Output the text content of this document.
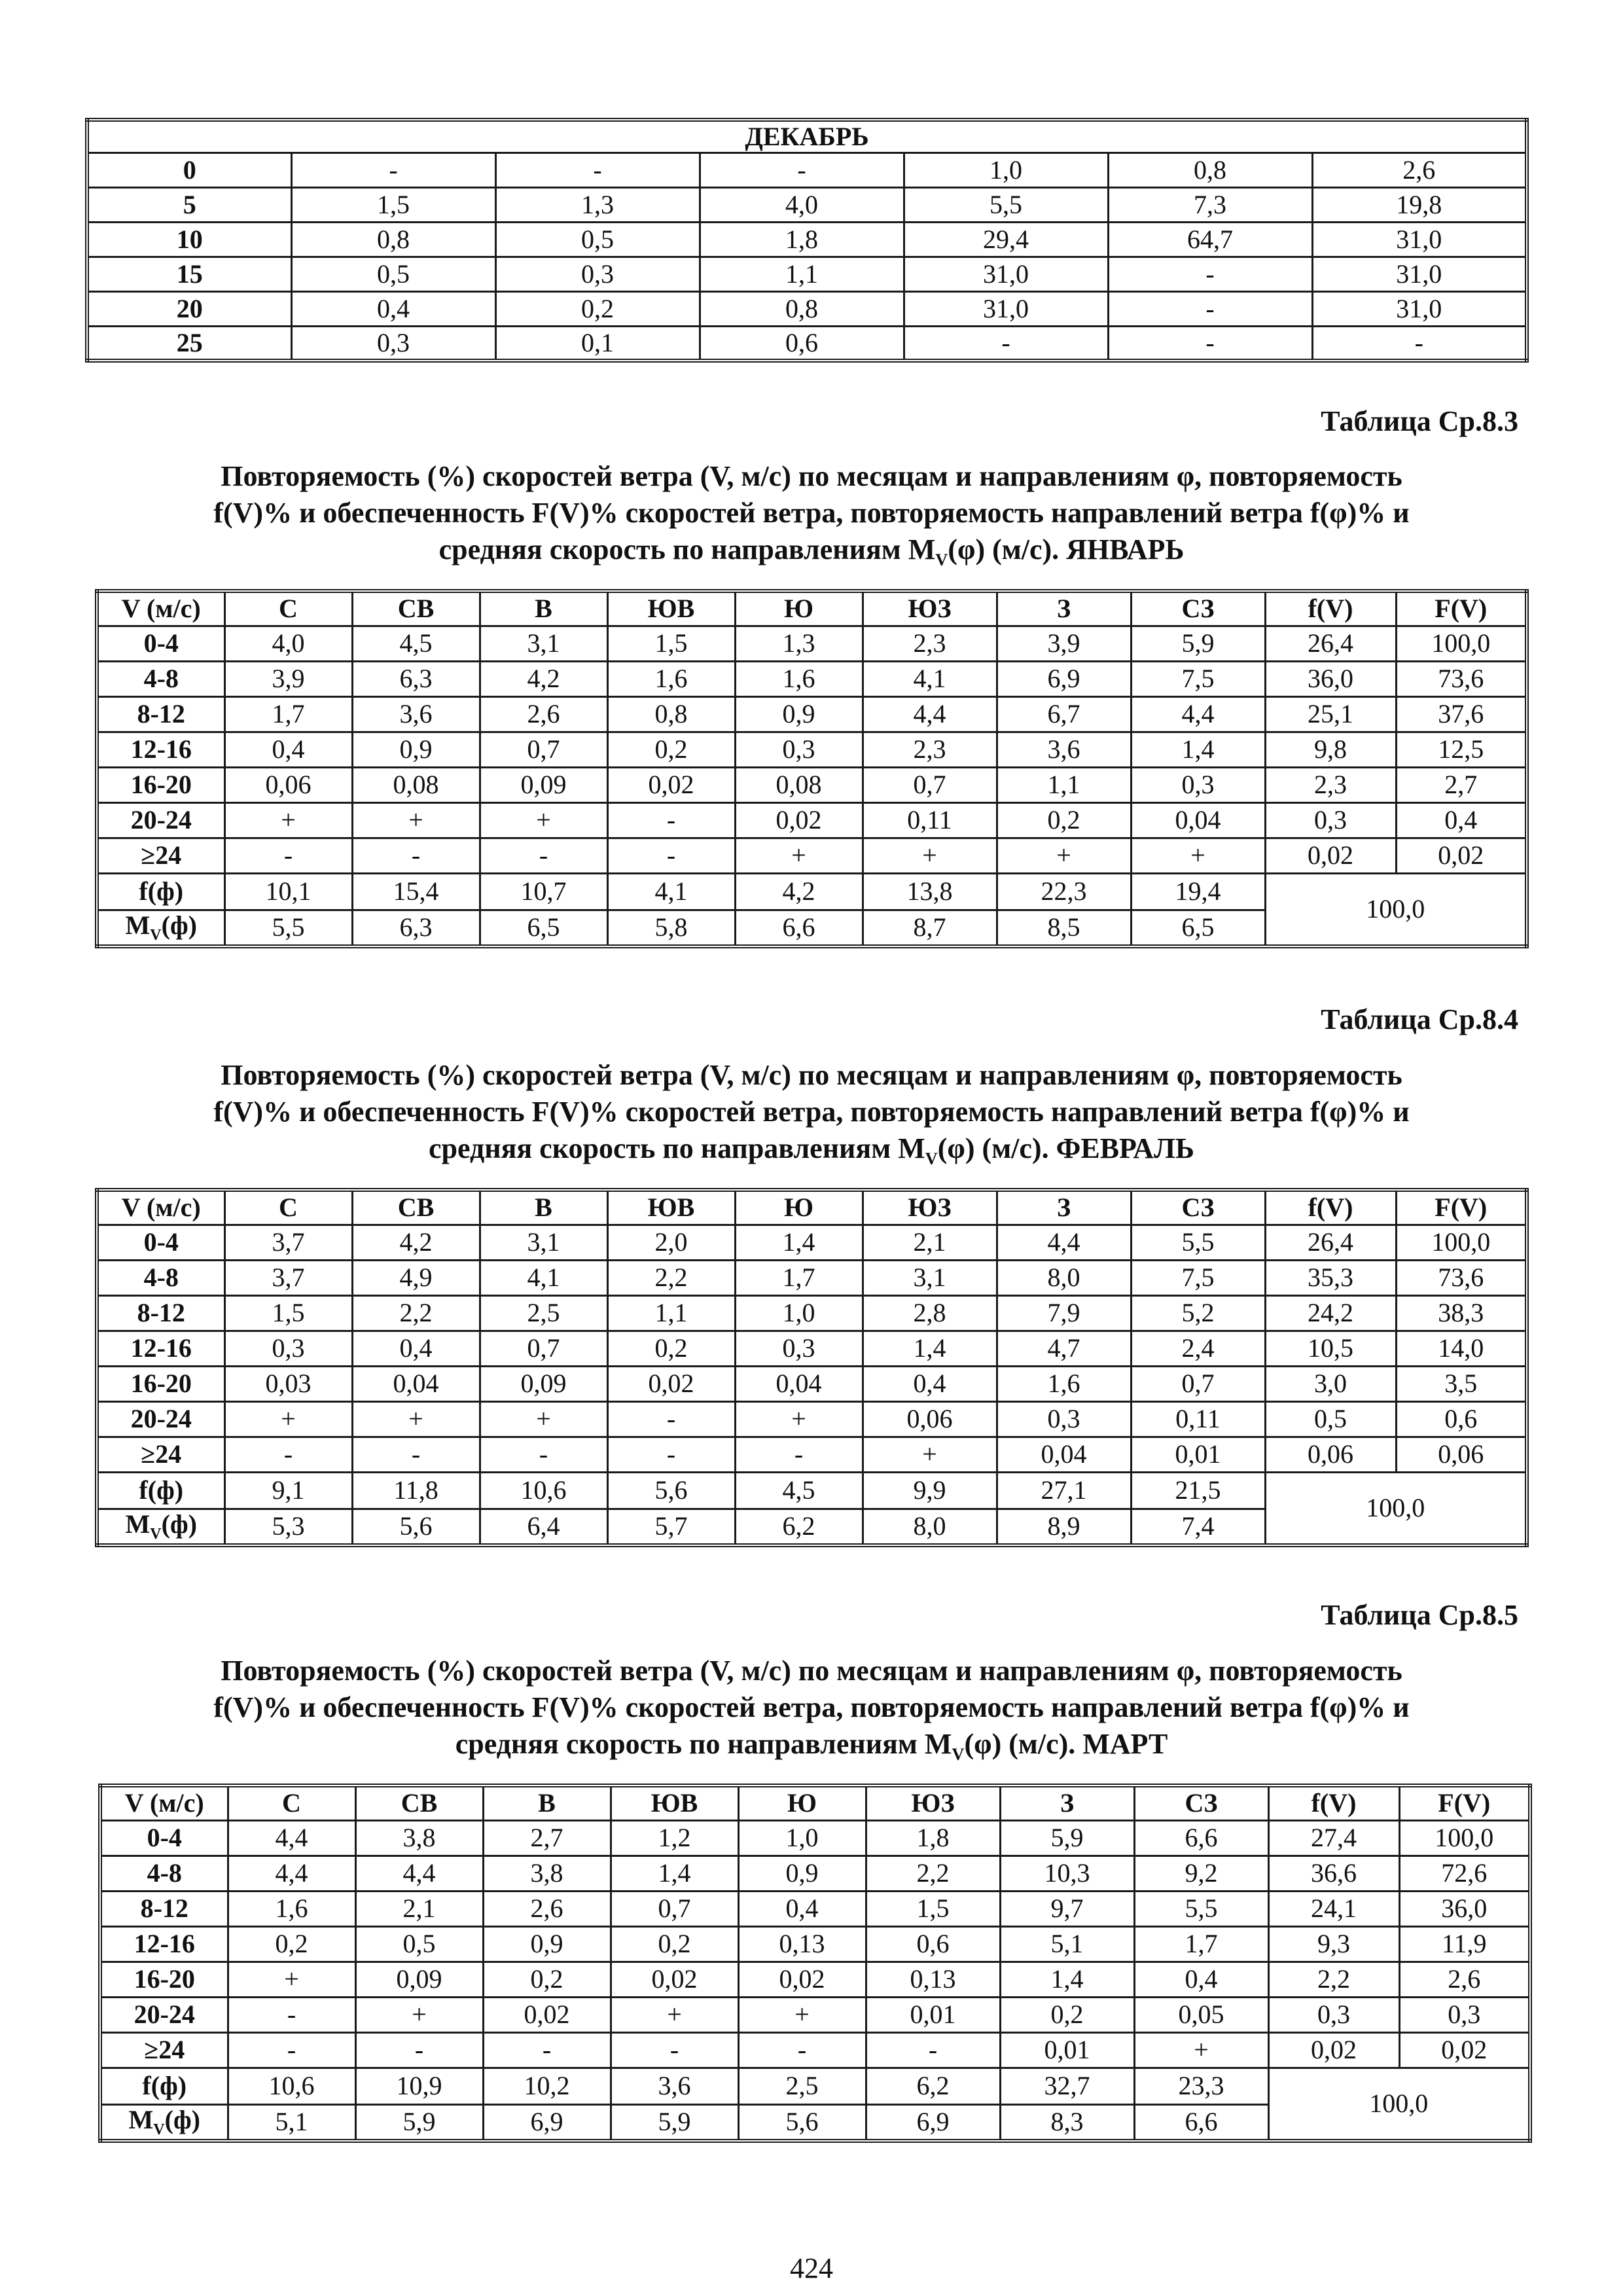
ДЕКАБРЬ						
0	-	-	-	1,0	0,8	2,6
5	1,5	1,3	4,0	5,5	7,3	19,8
10	0,8	0,5	1,8	29,4	64,7	31,0
15	0,5	0,3	1,1	31,0	-	31,0
20	0,4	0,2	0,8	31,0	-	31,0
25	0,3	0,1	0,6	-	-	-
Таблица Ср.8.3
Повторяемость (%) скоростей ветра (V, м/с) по месяцам и направлениям φ, повторяемость
f(V)% и обеспеченность F(V)% скоростей ветра, повторяемость направлений ветра f(φ)% и
средняя скорость по направлениям $M_V(\varphi)$ (м/с). ЯНВАРЬ
V (м/с)	С	СВ	В	ЮВ	Ю	ЮЗ	З	СЗ	f(V)	F(V)
0-4	4,0	4,5	3,1	1,5	1,3	2,3	3,9	5,9	26,4	100,0
4-8	3,9	6,3	4,2	1,6	1,6	4,1	6,9	7,5	36,0	73,6
8-12	1,7	3,6	2,6	0,8	0,9	4,4	6,7	4,4	25,1	37,6
12-16	0,4	0,9	0,7	0,2	0,3	2,3	3,6	1,4	9,8	12,5
16-20	0,06	0,08	0,09	0,02	0,08	0,7	1,1	0,3	2,3	2,7
20-24	+	+	+	-	0,02	0,11	0,2	0,04	0,3	0,4
≥24	-	-	-	-	+	+	+	+	0,02	0,02
f(ф)	10,1	15,4	10,7	4,1	4,2	13,8	22,3	19,4	100,0	
$M_V(ф)$	5,5	6,3	6,5	5,8	6,6	8,7	8,5	6,5		
Таблица Ср.8.4
Повторяемость (%) скоростей ветра (V, м/с) по месяцам и направлениям φ, повторяемость
f(V)% и обеспеченность F(V)% скоростей ветра, повторяемость направлений ветра f(φ)% и
средняя скорость по направлениям $M_V(\varphi)$ (м/с). ФЕВРАЛЬ
V (м/с)	С	СВ	В	ЮВ	Ю	ЮЗ	З	СЗ	f(V)	F(V)
0-4	3,7	4,2	3,1	2,0	1,4	2,1	4,4	5,5	26,4	100,0
4-8	3,7	4,9	4,1	2,2	1,7	3,1	8,0	7,5	35,3	73,6
8-12	1,5	2,2	2,5	1,1	1,0	2,8	7,9	5,2	24,2	38,3
12-16	0,3	0,4	0,7	0,2	0,3	1,4	4,7	2,4	10,5	14,0
16-20	0,03	0,04	0,09	0,02	0,04	0,4	1,6	0,7	3,0	3,5
20-24	+	+	+	-	+	0,06	0,3	0,11	0,5	0,6
≥24	-	-	-	-	-	+	0,04	0,01	0,06	0,06
f(ф)	9,1	11,8	10,6	5,6	4,5	9,9	27,1	21,5	100,0	
$M_V(ф)$	5,3	5,6	6,4	5,7	6,2	8,0	8,9	7,4		
Таблица Ср.8.5
Повторяемость (%) скоростей ветра (V, м/с) по месяцам и направлениям φ, повторяемость
f(V)% и обеспеченность F(V)% скоростей ветра, повторяемость направлений ветра f(φ)% и
средняя скорость по направлениям $M_V(\varphi)$ (м/с). МАРТ
V (м/с)	С	СВ	В	ЮВ	Ю	ЮЗ	З	СЗ	f(V)	F(V)
0-4	4,4	3,8	2,7	1,2	1,0	1,8	5,9	6,6	27,4	100,0
4-8	4,4	4,4	3,8	1,4	0,9	2,2	10,3	9,2	36,6	72,6
8-12	1,6	2,1	2,6	0,7	0,4	1,5	9,7	5,5	24,1	36,0
12-16	0,2	0,5	0,9	0,2	0,13	0,6	5,1	1,7	9,3	11,9
16-20	+	0,09	0,2	0,02	0,02	0,13	1,4	0,4	2,2	2,6
20-24	-	+	0,02	+	+	0,01	0,2	0,05	0,3	0,3
≥24	-	-	-	-	-	-	0,01	+	0,02	0,02
f(ф)	10,6	10,9	10,2	3,6	2,5	6,2	32,7	23,3	100,0	
$M_V(ф)$	5,1	5,9	6,9	5,9	5,6	6,9	8,3	6,6		
424
